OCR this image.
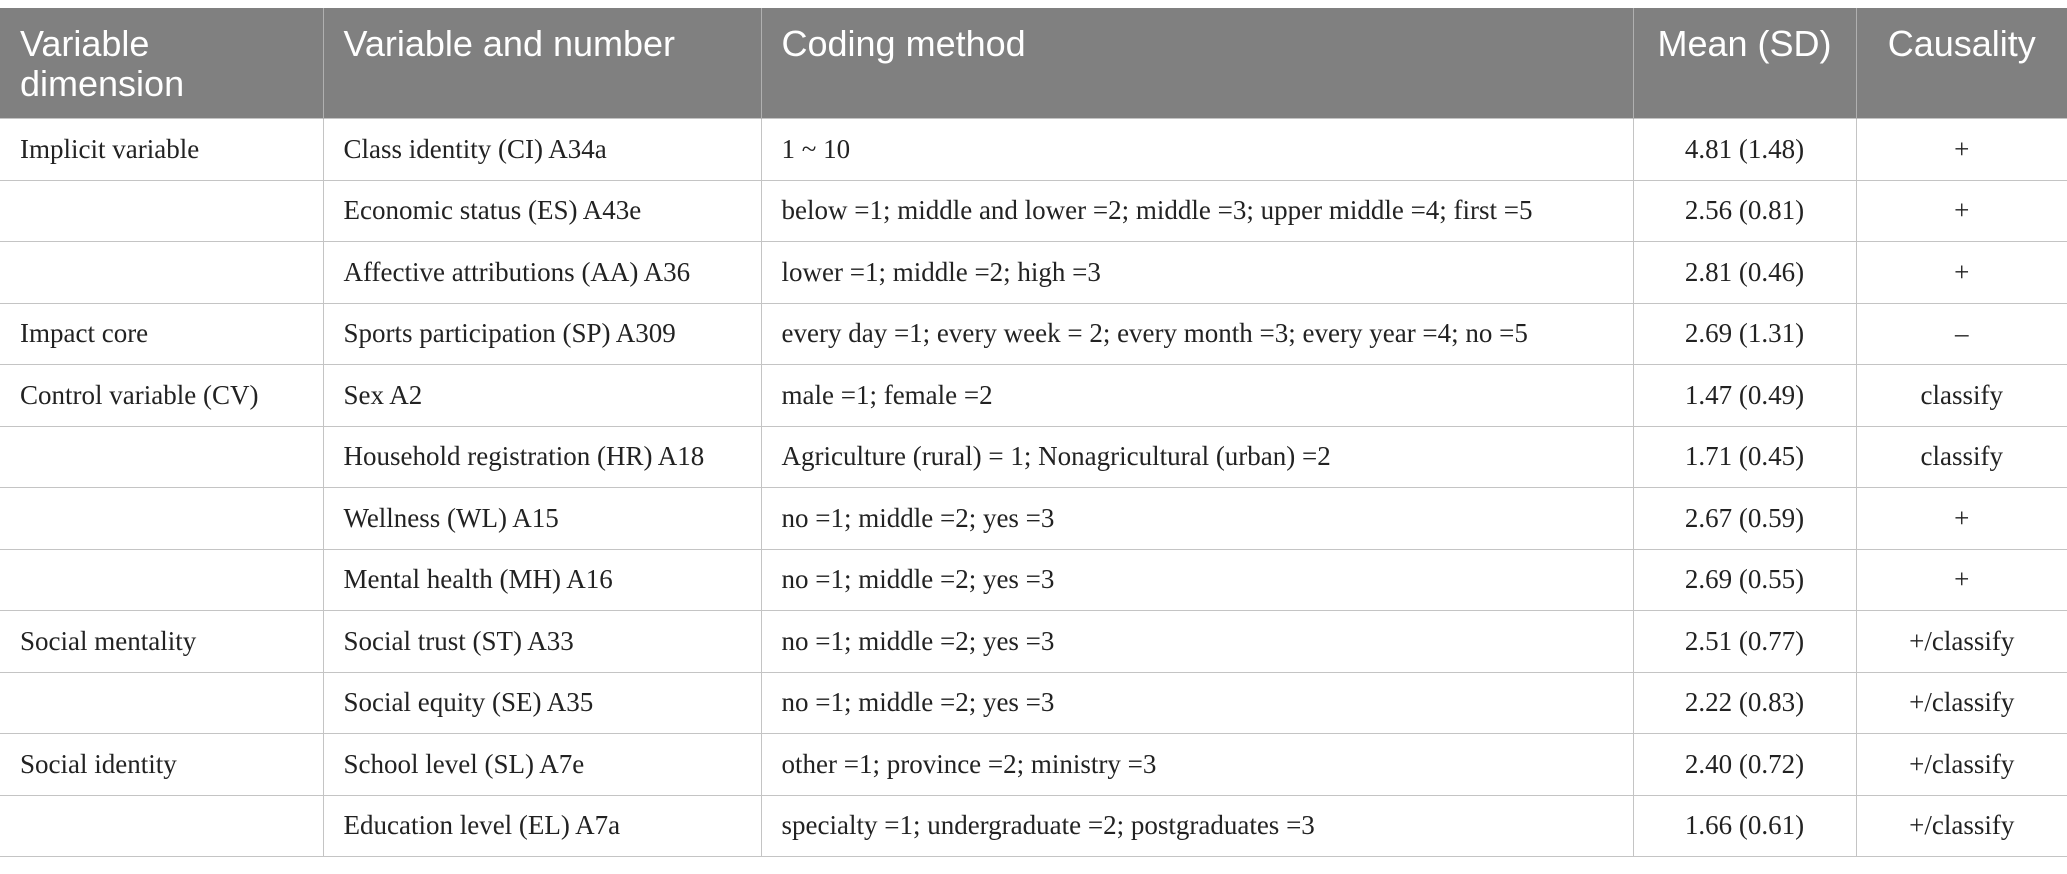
Variable
dimension	Variable and number	Coding method	Mean (SD)	Causality
Implicit variable	Class identity (CI) A34a	1 ~ 10	4.81 (1.48)	+
	Economic status (ES) A43e	below =1; middle and lower =2; middle =3; upper middle =4; first =5	2.56 (0.81)	+
	Affective attributions (AA) A36	lower =1; middle =2; high =3	2.81 (0.46)	+
Impact core	Sports participation (SP) A309	every day =1; every week = 2; every month =3; every year =4; no =5	2.69 (1.31)	–
Control variable (CV)	Sex A2	male =1; female =2	1.47 (0.49)	classify
	Household registration (HR) A18	Agriculture (rural) = 1; Nonagricultural (urban) =2	1.71 (0.45)	classify
	Wellness (WL) A15	no =1; middle =2; yes =3	2.67 (0.59)	+
	Mental health (MH) A16	no =1; middle =2; yes =3	2.69 (0.55)	+
Social mentality	Social trust (ST) A33	no =1; middle =2; yes =3	2.51 (0.77)	+/classify
	Social equity (SE) A35	no =1; middle =2; yes =3	2.22 (0.83)	+/classify
Social identity	School level (SL) A7e	other =1; province =2; ministry =3	2.40 (0.72)	+/classify
	Education level (EL) A7a	specialty =1; undergraduate =2; postgraduates =3	1.66 (0.61)	+/classify
